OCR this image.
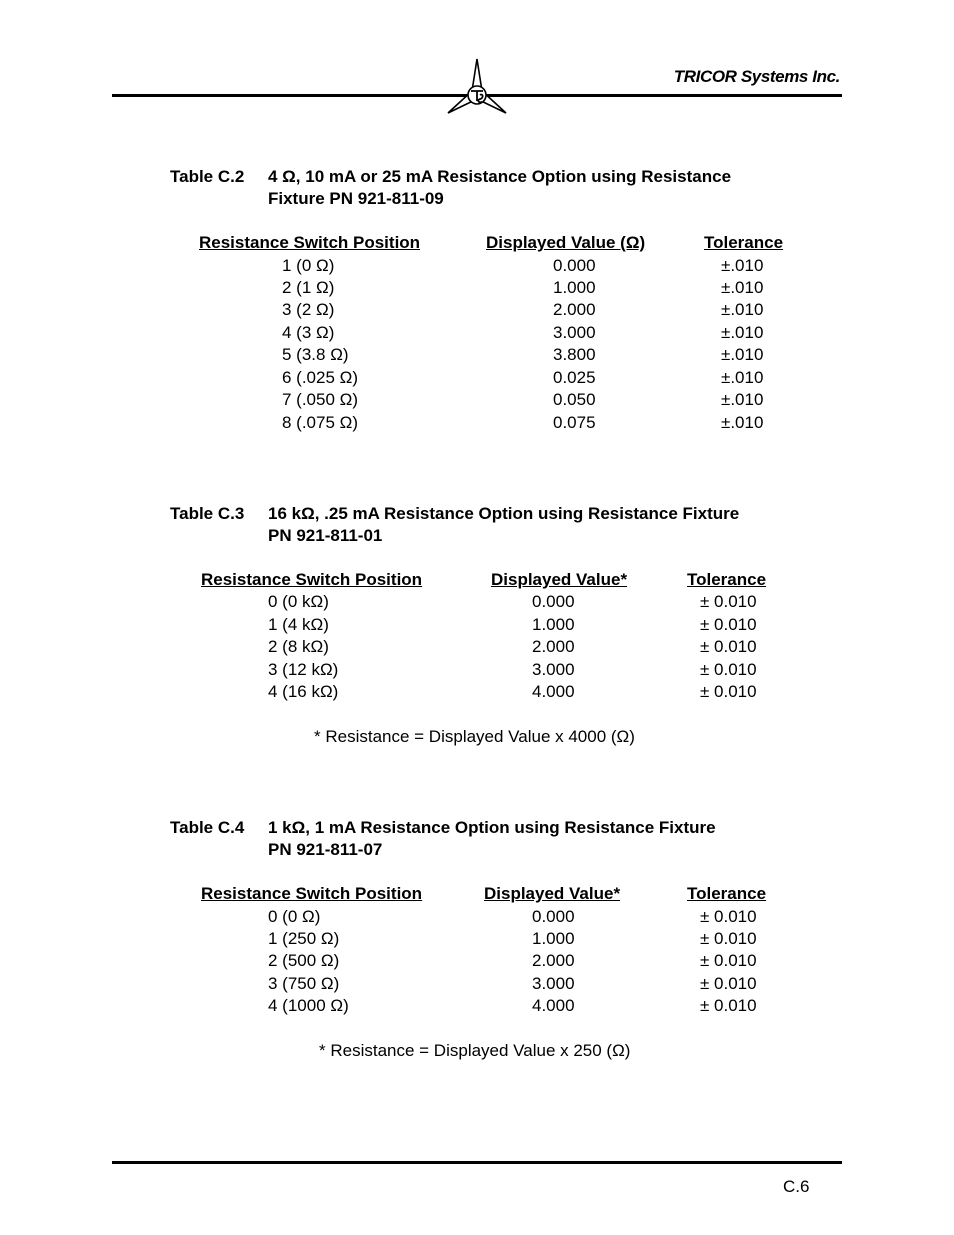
TRICOR Systems Inc.
Table C.2 4 Ω, 10 mA or 25 mA Resistance Option using Resistance
Fixture PN 921-811-09
Resistance Switch Position	Displayed Value (Ω)	Tolerance
1 (0 Ω)	0.000	±.010
2 (1 Ω)	1.000	±.010
3 (2 Ω)	2.000	±.010
4 (3 Ω)	3.000	±.010
5 (3.8 Ω)	3.800	±.010
6 (.025 Ω)	0.025	±.010
7 (.050 Ω)	0.050	±.010
8 (.075 Ω)	0.075	±.010
Table C.3 16 kΩ, .25 mA Resistance Option using Resistance Fixture
PN 921-811-01
Resistance Switch Position	Displayed Value*	Tolerance
0 (0 kΩ)	0.000	± 0.010
1 (4 kΩ)	1.000	± 0.010
2 (8 kΩ)	2.000	± 0.010
3 (12 kΩ)	3.000	± 0.010
4 (16 kΩ)	4.000	± 0.010
* Resistance = Displayed Value x 4000 (Ω)
Table C.4 1 kΩ, 1 mA Resistance Option using Resistance Fixture
PN 921-811-07
Resistance Switch Position	Displayed Value*	Tolerance
0 (0 Ω)	0.000	± 0.010
1 (250 Ω)	1.000	± 0.010
2 (500 Ω)	2.000	± 0.010
3 (750 Ω)	3.000	± 0.010
4 (1000 Ω)	4.000	± 0.010
* Resistance = Displayed Value x 250 (Ω)
C.6
